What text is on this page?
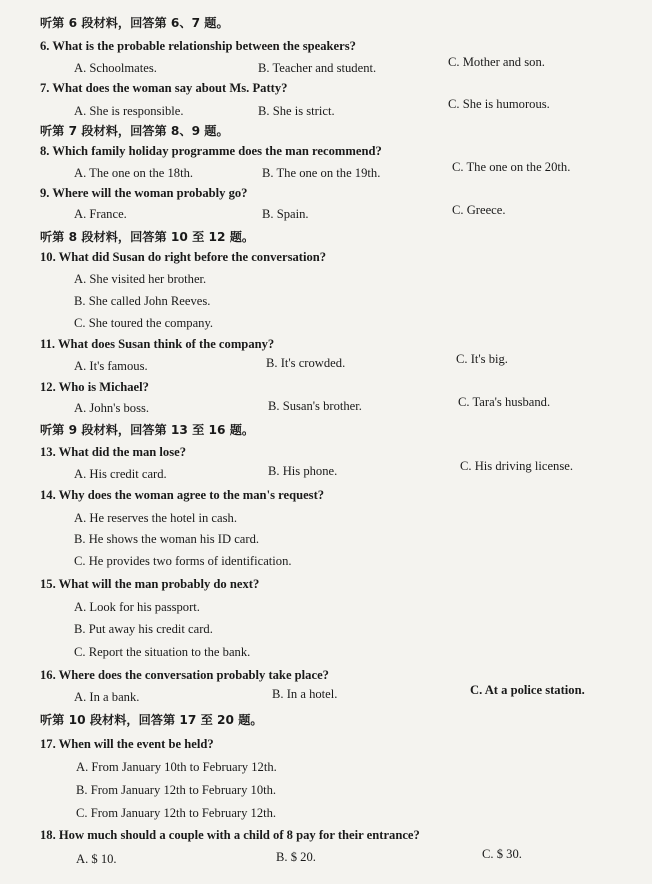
听第 6 段材料，回答第 6、7 题。
6. What is the probable relationship between the speakers?
A. Schoolmates.	B. Teacher and student.	C. Mother and son.
7. What does the woman say about Ms. Patty?
A. She is responsible.	B. She is strict.	C. She is humorous.
听第 7 段材料，回答第 8、9 题。
8. Which family holiday programme does the man recommend?
A. The one on the 18th.	B. The one on the 19th.	C. The one on the 20th.
9. Where will the woman probably go?
A. France.	B. Spain.	C. Greece.
听第 8 段材料，回答第 10 至 12 题。
10. What did Susan do right before the conversation?
A. She visited her brother.
B. She called John Reeves.
C. She toured the company.
11. What does Susan think of the company?
A. It's famous.	B. It's crowded.	C. It's big.
12. Who is Michael?
A. John's boss.	B. Susan's brother.	C. Tara's husband.
听第 9 段材料，回答第 13 至 16 题。
13. What did the man lose?
A. His credit card.	B. His phone.	C. His driving license.
14. Why does the woman agree to the man's request?
A. He reserves the hotel in cash.
B. He shows the woman his ID card.
C. He provides two forms of identification.
15. What will the man probably do next?
A. Look for his passport.
B. Put away his credit card.
C. Report the situation to the bank.
16. Where does the conversation probably take place?
A. In a bank.	B. In a hotel.	C. At a police station.
听第 10 段材料，回答第 17 至 20 题。
17. When will the event be held?
A. From January 10th to February 12th.
B. From January 12th to February 10th.
C. From January 12th to February 12th.
18. How much should a couple with a child of 8 pay for their entrance?
A. $ 10.	B. $ 20.	C. $ 30.
